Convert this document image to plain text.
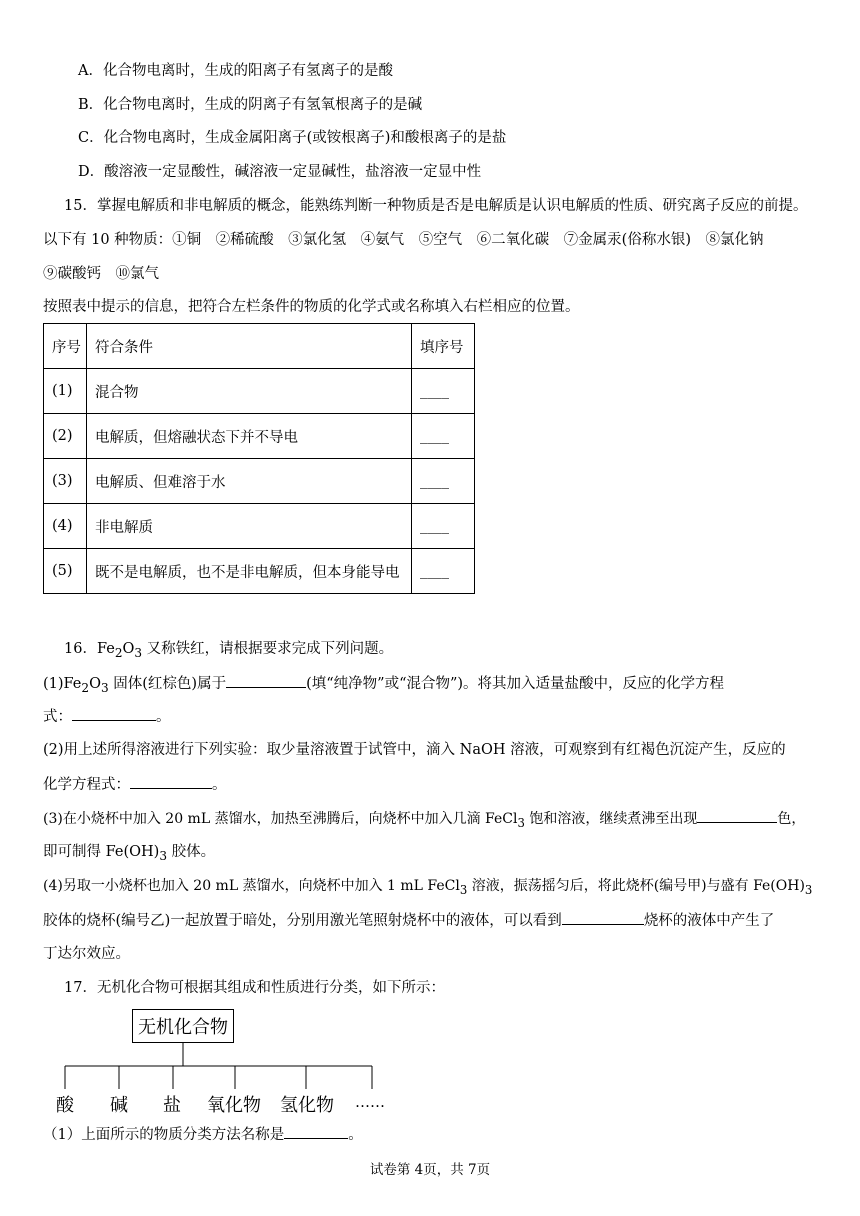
A．化合物电离时，生成的阳离子有氢离子的是酸
B．化合物电离时，生成的阴离子有氢氧根离子的是碱
C．化合物电离时，生成金属阳离子(或铵根离子)和酸根离子的是盐
D．酸溶液一定显酸性，碱溶液一定显碱性，盐溶液一定显中性
15．掌握电解质和非电解质的概念，能熟练判断一种物质是否是电解质是认识电解质的性质、研究离子反应的前提。
以下有 10 种物质：①铜　②稀硫酸　③氯化氢　④氨气　⑤空气　⑥二氧化碳　⑦金属汞(俗称水银)　⑧氯化钠
⑨碳酸钙　⑩氯气
按照表中提示的信息，把符合左栏条件的物质的化学式或名称填入右栏相应的位置。
序号	符合条件	填序号
(1)	混合物	____
(2)	电解质，但熔融状态下并不导电	____
(3)	电解质、但难溶于水	____
(4)	非电解质	____
(5)	既不是电解质，也不是非电解质，但本身能导电	____
16．$Fe_2O_3$ 又称铁红，请根据要求完成下列问题。
$(1)Fe_2O_3$ 固体(红棕色)属于	(填“纯净物”或“混合物”)。将其加入适量盐酸中，反应的化学方程
式：	。
(2)用上述所得溶液进行下列实验：取少量溶液置于试管中，滴入 NaOH 溶液，可观察到有红褐色沉淀产生，反应的
化学方程式：	。
(3)在小烧杯中加入 20 mL 蒸馏水，加热至沸腾后，向烧杯中加入几滴 FeCl$_3$ 饱和溶液，继续煮沸至出现	色，
即可制得 $Fe(OH)_3$ 胶体。
(4)另取一小烧杯也加入 20 mL 蒸馏水，向烧杯中加入 1 mL FeCl$_3$ 溶液，振荡摇匀后，将此烧杯(编号甲)与盛有 $Fe(OH)_3$
胶体的烧杯(编号乙)一起放置于暗处，分别用激光笔照射烧杯中的液体，可以看到	烧杯的液体中产生了
丁达尔效应。
17．无机化合物可根据其组成和性质进行分类，如下所示：
无机化合物
酸 碱 盐 氧化物 氢化物 ……
（1）上面所示的物质分类方法名称是	。
试卷第 4页，共 7页
